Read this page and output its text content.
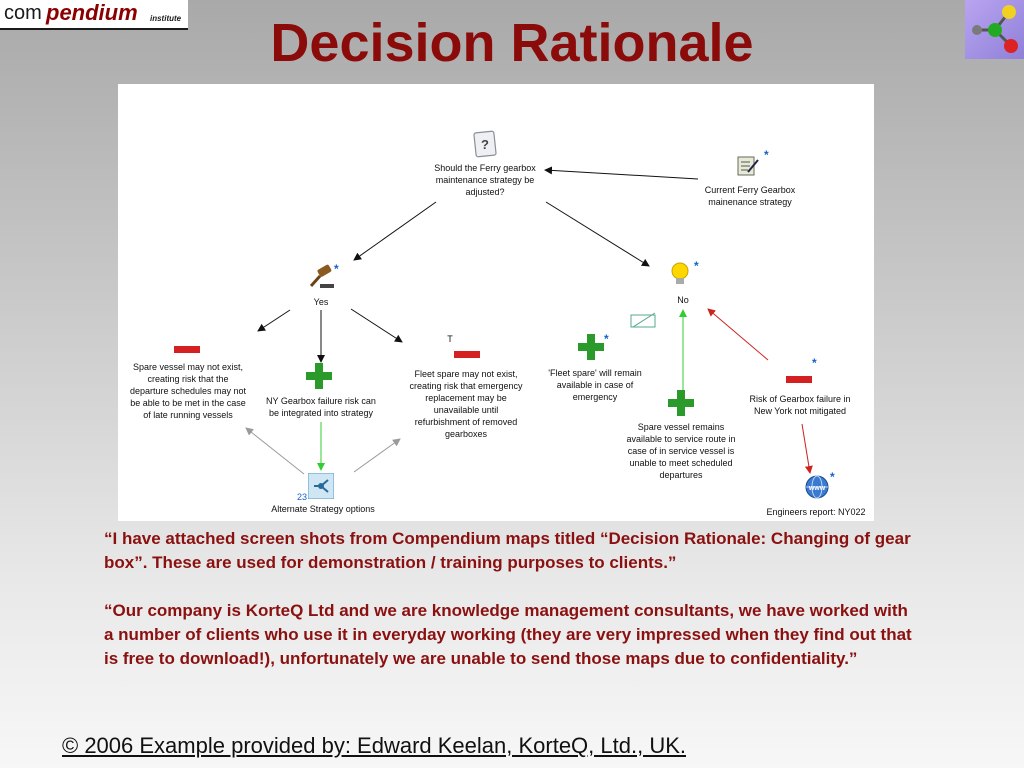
com pendium institute	Decision Rationale
?
Should the Ferry gearbox
maintenance strategy be
adjusted?
*
Current Ferry Gearbox
mainenance strategy
*
Yes
*
No
Spare vessel may not exist,
creating risk that the
departure schedules may not
be able to be met in the case
of late running vessels
NY Gearbox failure risk can
be integrated into strategy
T
Fleet spare may not exist,
creating risk that emergency
replacement may be
unavailable until
refurbishment of removed
gearboxes
*
'Fleet spare' will remain
available in case of
emergency
Spare vessel remains
available to service route in
case of in service vessel is
unable to meet scheduled
departures
*
Risk of Gearbox failure in
New York not mitigated
23
Alternate Strategy options
www
*
Engineers report: NY022

“I have attached screen shots from Compendium maps titled “Decision Rationale: Changing of gear box”. These are used for demonstration / training purposes to clients.”

“Our company is KorteQ Ltd and we are knowledge management consultants, we have worked with a number of clients who use it in everyday working (they are very impressed when they find out that is free to download!), unfortunately we are unable to send those maps due to confidentiality.”

© 2006 Example provided by: Edward Keelan, KorteQ, Ltd., UK.
